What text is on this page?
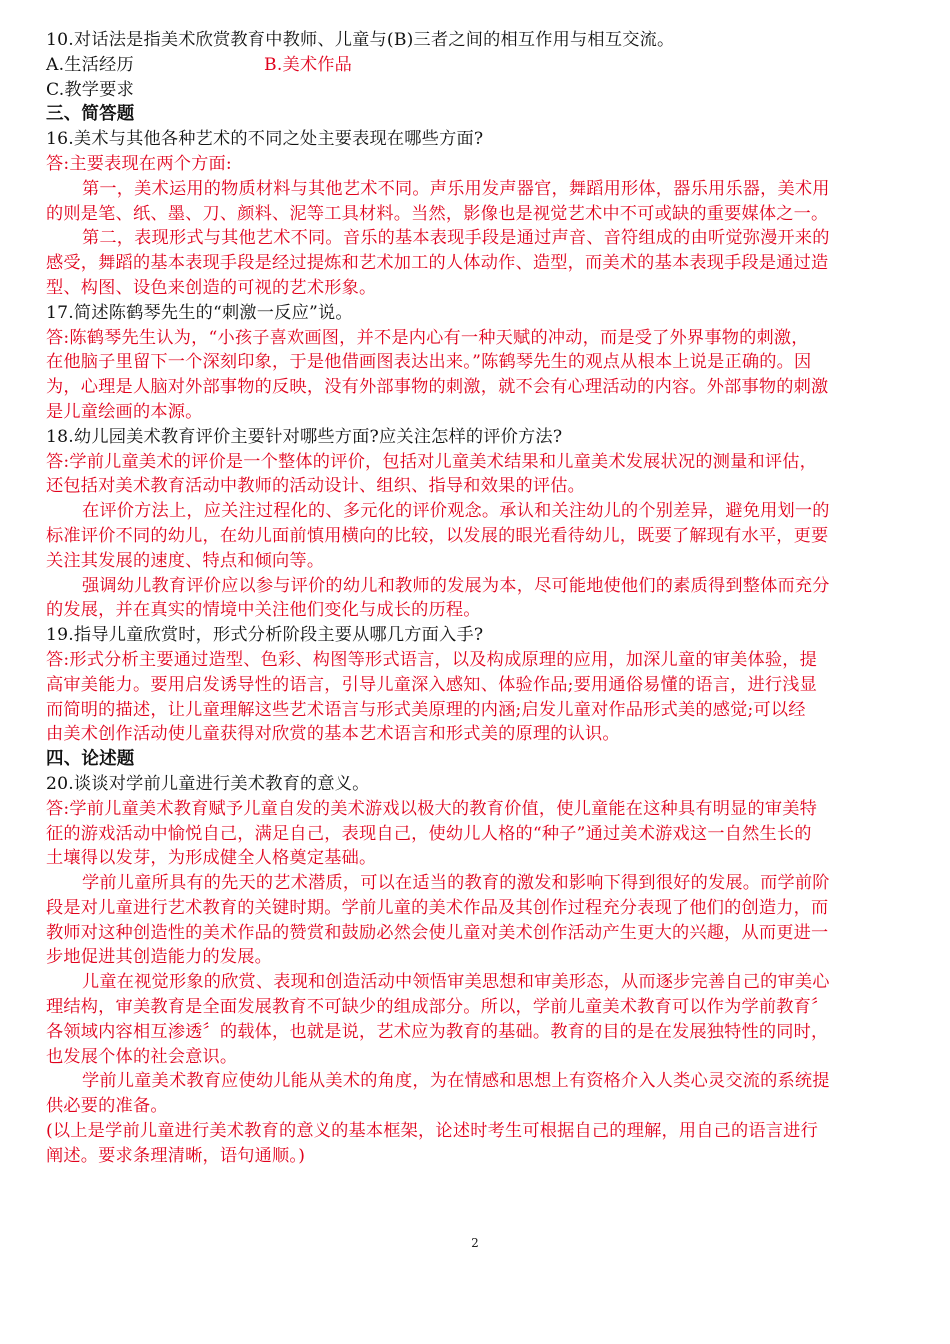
10.对话法是指美术欣赏教育中教师、儿童与(B)三者之间的相互作用与相互交流。
A.生活经历	B.美术作品
C.教学要求
三、简答题
16.美术与其他各种艺术的不同之处主要表现在哪些方面?
答:主要表现在两个方面:
第一，美术运用的物质材料与其他艺术不同。声乐用发声器官，舞蹈用形体，器乐用乐器，美术用
的则是笔、纸、墨、刀、颜料、泥等工具材料。当然，影像也是视觉艺术中不可或缺的重要媒体之一。
第二，表现形式与其他艺术不同。音乐的基本表现手段是通过声音、音符组成的由听觉弥漫开来的
感受，舞蹈的基本表现手段是经过提炼和艺术加工的人体动作、造型，而美术的基本表现手段是通过造
型、构图、设色来创造的可视的艺术形象。
17.简述陈鹤琴先生的“刺激一反应”说。
答:陈鹤琴先生认为，“小孩子喜欢画图，并不是内心有一种天赋的冲动，而是受了外界事物的刺激，
在他脑子里留下一个深刻印象，于是他借画图表达出来。”陈鹤琴先生的观点从根本上说是正确的。因
为，心理是人脑对外部事物的反映，没有外部事物的刺激，就不会有心理活动的内容。外部事物的刺激
是儿童绘画的本源。
18.幼儿园美术教育评价主要针对哪些方面?应关注怎样的评价方法?
答:学前儿童美术的评价是一个整体的评价，包括对儿童美术结果和儿童美术发展状况的测量和评估，
还包括对美术教育活动中教师的活动设计、组织、指导和效果的评估。
在评价方法上，应关注过程化的、多元化的评价观念。承认和关注幼儿的个别差异，避免用划一的
标准评价不同的幼儿，在幼儿面前慎用横向的比较，以发展的眼光看待幼儿，既要了解现有水平，更要
关注其发展的速度、特点和倾向等。
强调幼儿教育评价应以参与评价的幼儿和教师的发展为本，尽可能地使他们的素质得到整体而充分
的发展，并在真实的情境中关注他们变化与成长的历程。
19.指导儿童欣赏时，形式分析阶段主要从哪几方面入手?
答:形式分析主要通过造型、色彩、构图等形式语言，以及构成原理的应用，加深儿童的审美体验，提
高审美能力。要用启发诱导性的语言，引导儿童深入感知、体验作品;要用通俗易懂的语言，进行浅显
而简明的描述，让儿童理解这些艺术语言与形式美原理的内涵;启发儿童对作品形式美的感觉;可以经
由美术创作活动使儿童获得对欣赏的基本艺术语言和形式美的原理的认识。
四、论述题
20.谈谈对学前儿童进行美术教育的意义。
答:学前儿童美术教育赋予儿童自发的美术游戏以极大的教育价值，使儿童能在这种具有明显的审美特
征的游戏活动中愉悦自己，满足自己，表现自己，使幼儿人格的“种子”通过美术游戏这一自然生长的
土壤得以发芽，为形成健全人格奠定基础。
学前儿童所具有的先天的艺术潜质，可以在适当的教育的激发和影响下得到很好的发展。而学前阶
段是对儿童进行艺术教育的关键时期。学前儿童的美术作品及其创作过程充分表现了他们的创造力，而
教师对这种创造性的美术作品的赞赏和鼓励必然会使儿童对美术创作活动产生更大的兴趣，从而更进一
步地促进其创造能力的发展。
儿童在视觉形象的欣赏、表现和创造活动中领悟审美思想和审美形态，从而逐步完善自己的审美心
理结构，审美教育是全面发展教育不可缺少的组成部分。所以，学前儿童美术教育可以作为学前教育〞
各领域内容相互渗透〞的载体，也就是说，艺术应为教育的基础。教育的目的是在发展独特性的同时，
也发展个体的社会意识。
学前儿童美术教育应使幼儿能从美术的角度，为在情感和思想上有资格介入人类心灵交流的系统提
供必要的准备。
(以上是学前儿童进行美术教育的意义的基本框架，论述时考生可根据自己的理解，用自己的语言进行
阐述。要求条理清晰，语句通顺。)
2
